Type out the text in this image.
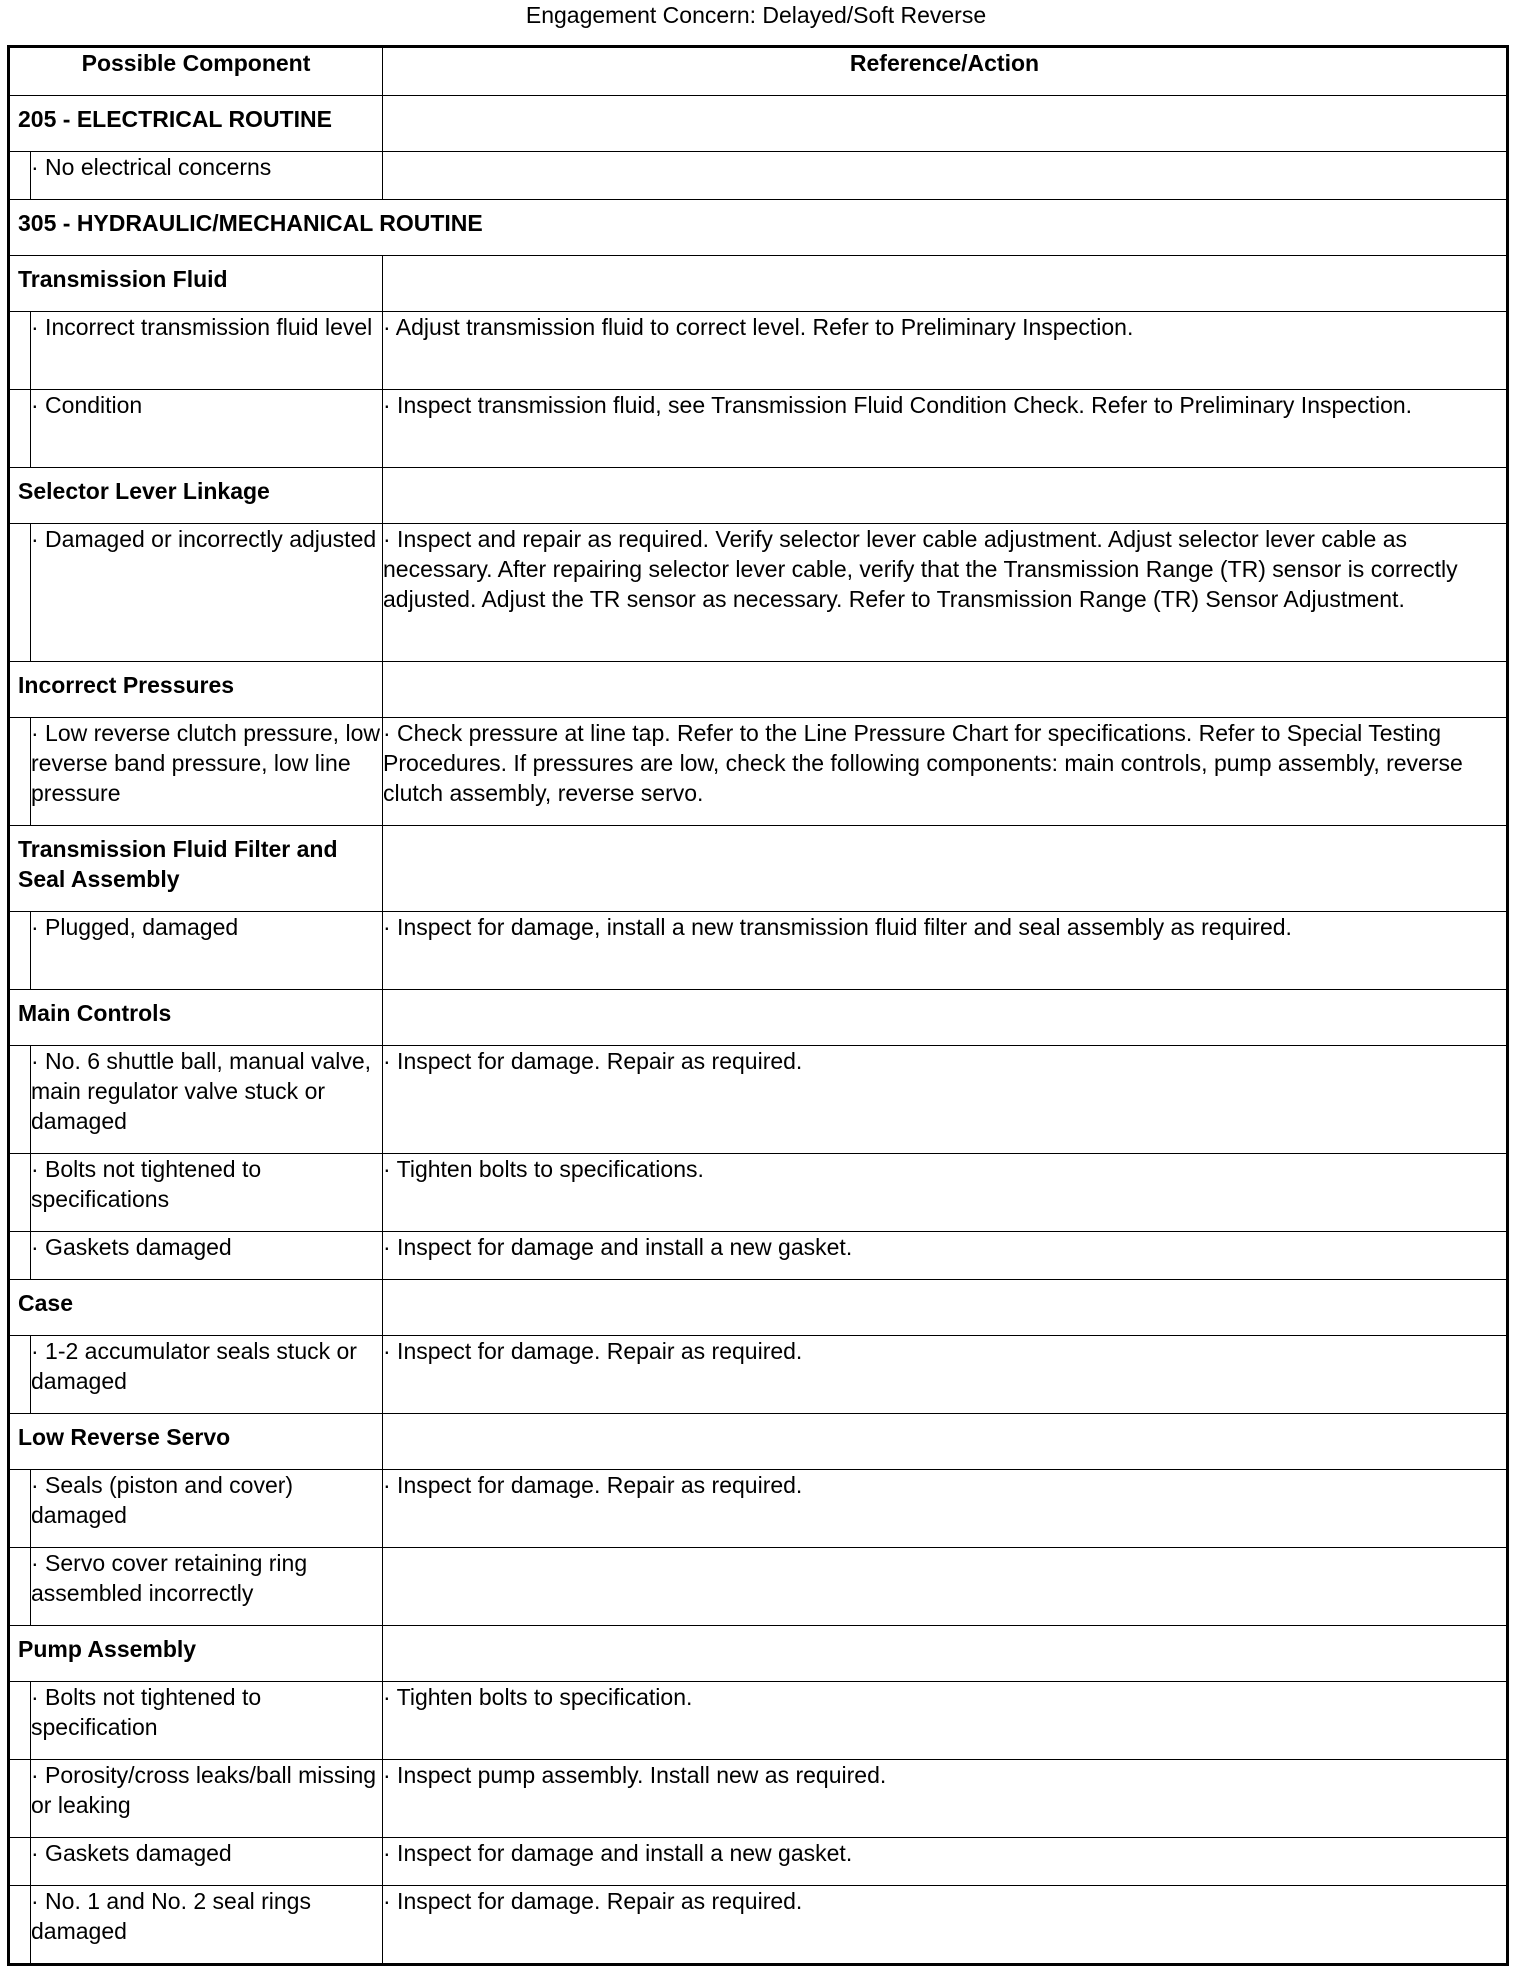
Engagement Concern: Delayed/Soft Reverse
Possible Component		Reference/Action
205 - ELECTRICAL ROUTINE		
	· No electrical concerns	
305 - HYDRAULIC/MECHANICAL ROUTINE		
Transmission Fluid		
	· Incorrect transmission fluid level	· Adjust transmission fluid to correct level. Refer to Preliminary Inspection.
	· Condition	· Inspect transmission fluid, see Transmission Fluid Condition Check. Refer to Preliminary Inspection.
Selector Lever Linkage		
	· Damaged or incorrectly adjusted	· Inspect and repair as required. Verify selector lever cable adjustment. Adjust selector lever cable as necessary. After repairing selector lever cable, verify that the Transmission Range (TR) sensor is correctly adjusted. Adjust the TR sensor as necessary. Refer to Transmission Range (TR) Sensor Adjustment.
Incorrect Pressures		
	· Low reverse clutch pressure, low reverse band pressure, low line pressure	· Check pressure at line tap. Refer to the Line Pressure Chart for specifications. Refer to Special Testing Procedures. If pressures are low, check the following components: main controls, pump assembly, reverse clutch assembly, reverse servo.
Transmission Fluid Filter and Seal Assembly		
	· Plugged, damaged	· Inspect for damage, install a new transmission fluid filter and seal assembly as required.
Main Controls		
	· No. 6 shuttle ball, manual valve, main regulator valve stuck or damaged	· Inspect for damage. Repair as required.
	· Bolts not tightened to specifications	· Tighten bolts to specifications.
	· Gaskets damaged	· Inspect for damage and install a new gasket.
Case		
	· 1-2 accumulator seals stuck or damaged	· Inspect for damage. Repair as required.
Low Reverse Servo		
	· Seals (piston and cover) damaged	· Inspect for damage. Repair as required.
	· Servo cover retaining ring assembled incorrectly	
Pump Assembly		
	· Bolts not tightened to specification	· Tighten bolts to specification.
	· Porosity/cross leaks/ball missing or leaking	· Inspect pump assembly. Install new as required.
	· Gaskets damaged	· Inspect for damage and install a new gasket.
	· No. 1 and No. 2 seal rings damaged	· Inspect for damage. Repair as required.
